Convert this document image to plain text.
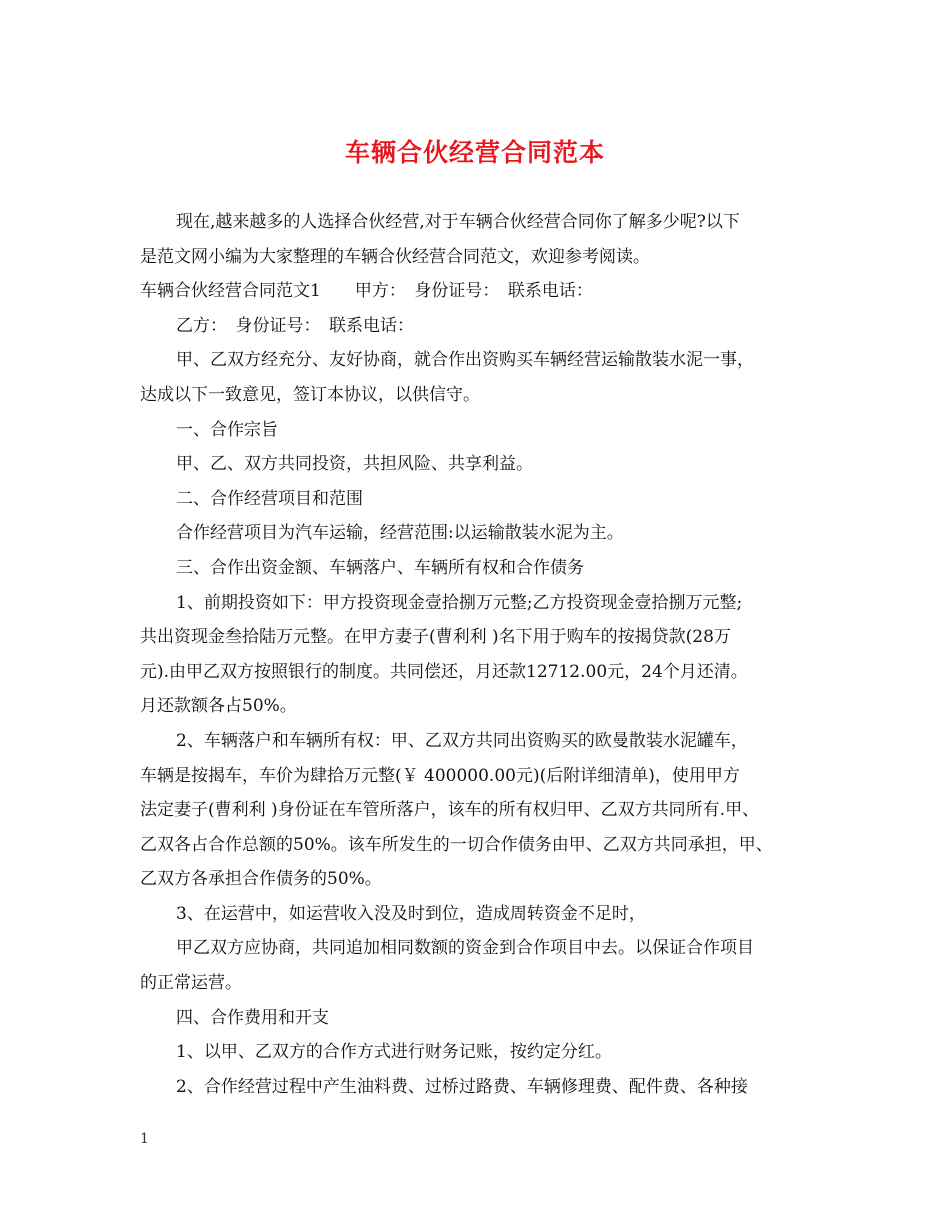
车辆合伙经营合同范本
现在,越来越多的人选择合伙经营,对于车辆合伙经营合同你了解多少呢?以下
是范文网小编为大家整理的车辆合伙经营合同范文，欢迎参考阅读。
车辆合伙经营合同范文1　　甲方：　身份证号：　联系电话：
乙方：　身份证号：　联系电话：
甲、乙双方经充分、友好协商，就合作出资购买车辆经营运输散装水泥一事，
达成以下一致意见，签订本协议，以供信守。
一、合作宗旨
甲、乙、双方共同投资，共担风险、共享利益。
二、合作经营项目和范围
合作经营项目为汽车运输，经营范围:以运输散装水泥为主。
三、合作出资金额、车辆落户、车辆所有权和合作债务
1、前期投资如下：甲方投资现金壹拾捌万元整;乙方投资现金壹拾捌万元整;
共出资现金叁拾陆万元整。在甲方妻子(曹利利 )名下用于购车的按揭贷款(28万
元).由甲乙双方按照银行的制度。共同偿还，月还款12712.00元，24个月还清。
月还款额各占50%。
2、车辆落户和车辆所有权：甲、乙双方共同出资购买的欧曼散装水泥罐车，
车辆是按揭车，车价为肆拾万元整(￥ 400000.00元)(后附详细清单)，使用甲方
法定妻子(曹利利 )身份证在车管所落户，该车的所有权归甲、乙双方共同所有.甲、
乙双各占合作总额的50%。该车所发生的一切合作债务由甲、乙双方共同承担，甲、
乙双方各承担合作债务的50%。
3、在运营中，如运营收入没及时到位，造成周转资金不足时，
甲乙双方应协商，共同追加相同数额的资金到合作项目中去。以保证合作项目
的正常运营。
四、合作费用和开支
1、以甲、乙双方的合作方式进行财务记账，按约定分红。
2、合作经营过程中产生油料费、过桥过路费、车辆修理费、配件费、各种接
1
